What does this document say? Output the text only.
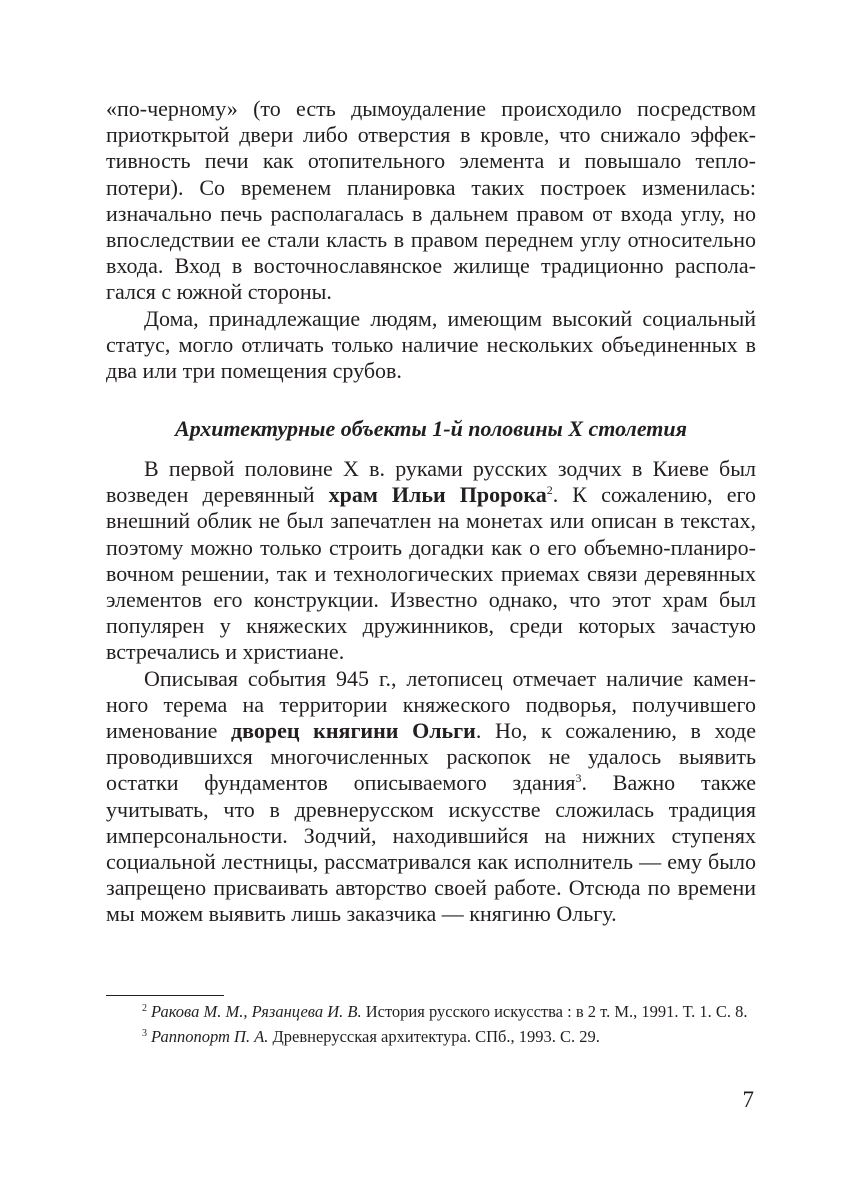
«по-черному» (то есть дымоудаление происходило посредством приоткрытой двери либо отверстия в кровле, что снижало эффективность печи как отопительного элемента и повышало теплопотери). Со временем планировка таких построек изменилась: изначально печь располагалась в дальнем правом от входа углу, но впоследствии ее стали класть в правом переднем углу относительно входа. Вход в восточнославянское жилище традиционно располагался с южной стороны.

Дома, принадлежащие людям, имеющим высокий социальный статус, могло отличать только наличие нескольких объединенных в два или три помещения срубов.

Архитектурные объекты 1-й половины X столетия

В первой половине X в. руками русских зодчих в Киеве был возведен деревянный храм Ильи Пророка$^2$. К сожалению, его внешний облик не был запечатлен на монетах или описан в текстах, поэтому можно только строить догадки как о его объемно-планировочном решении, так и технологических приемах связи деревянных элементов его конструкции. Известно однако, что этот храм был популярен у княжеских дружинников, среди которых зачастую встречались и христиане.

Описывая события 945 г., летописец отмечает наличие каменного терема на территории княжеского подворья, получившего именование дворец княгини Ольги. Но, к сожалению, в ходе проводившихся многочисленных раскопок не удалось выявить остатки фундаментов описываемого здания$^3$. Важно также учитывать, что в древнерусском искусстве сложилась традиция имперсональности. Зодчий, находившийся на нижних ступенях социальной лестницы, рассматривался как исполнитель — ему было запрещено присваивать авторство своей работе. Отсюда по времени мы можем выявить лишь заказчика — княгиню Ольгу.

$^2$ Ракова М. М., Рязанцева И. В. История русского искусства : в 2 т. М., 1991. Т. 1. С. 8.

$^3$ Раппопорт П. А. Древнерусская архитектура. СПб., 1993. С. 29.

7
